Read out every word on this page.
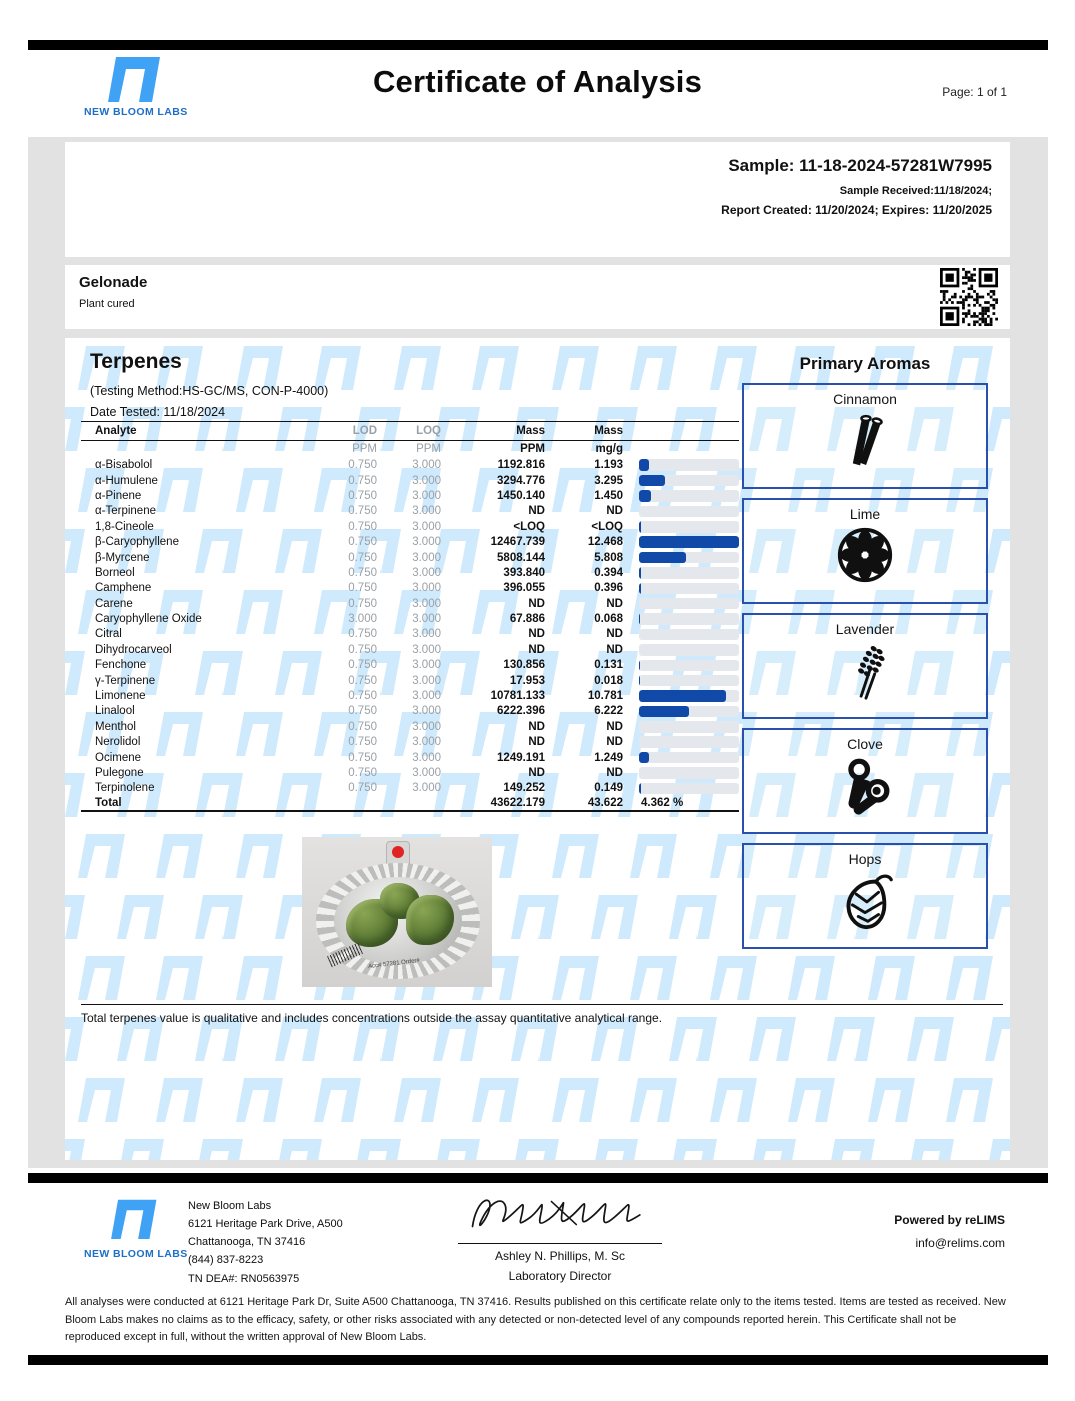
NEW BLOOM LABS
Certificate of Analysis	Page: 1 of 1
Sample: 11-18-2024-57281W7995
Sample Received:11/18/2024;
Report Created: 11/20/2024; Expires: 11/20/2025
Gelonade
Plant cured
Terpenes
(Testing Method:HS-GC/MS, CON-P-4000)
Date Tested: 11/18/2024
Analyte	LOD	LOQ	Mass	Mass	
	PPM	PPM	PPM	mg/g	
α-Bisabolol	0.750	3.000	1192.816	1.193	

α-Humulene	0.750	3.000	3294.776	3.295	

α-Pinene	0.750	3.000	1450.140	1.450	

α-Terpinene	0.750	3.000	ND	ND	

1,8-Cineole	0.750	3.000	<LOQ	<LOQ	

β-Caryophyllene	0.750	3.000	12467.739	12.468	

β-Myrcene	0.750	3.000	5808.144	5.808	

Borneol	0.750	3.000	393.840	0.394	

Camphene	0.750	3.000	396.055	0.396	

Carene	0.750	3.000	ND	ND	

Caryophyllene Oxide	3.000	3.000	67.886	0.068	

Citral	0.750	3.000	ND	ND	

Dihydrocarveol	0.750	3.000	ND	ND	

Fenchone	0.750	3.000	130.856	0.131	

γ-Terpinene	0.750	3.000	17.953	0.018	

Limonene	0.750	3.000	10781.133	10.781	

Linalool	0.750	3.000	6222.396	6.222	

Menthol	0.750	3.000	ND	ND	

Nerolidol	0.750	3.000	ND	ND	

Ocimene	0.750	3.000	1249.191	1.249	

Pulegone	0.750	3.000	ND	ND	

Terpinolene	0.750	3.000	149.252	0.149	

Total			43622.179	43.622	4.362 %
Primary Aromas
Cinnamon
Lime
Lavender
Clove
Hops
Acc# 57281 Order#
Total terpenes value is qualitative and includes concentrations outside the assay quantitative analytical range.
NEW BLOOM LABS
New Bloom Labs
6121 Heritage Park Drive, A500
Chattanooga, TN 37416
(844) 837-8223
TN DEA#: RN0563975
Ashley N. Phillips, M. Sc
Laboratory Director
Powered by reLIMS
info@relims.com
All analyses were conducted at 6121 Heritage Park Dr, Suite A500 Chattanooga, TN 37416. Results published on this certificate relate only to the items tested. Items are tested as received. New Bloom Labs makes no claims as to the efficacy, safety, or other risks associated with any detected or non-detected level of any compounds reported herein. This Certificate shall not be reproduced except in full, without the written approval of New Bloom Labs.
